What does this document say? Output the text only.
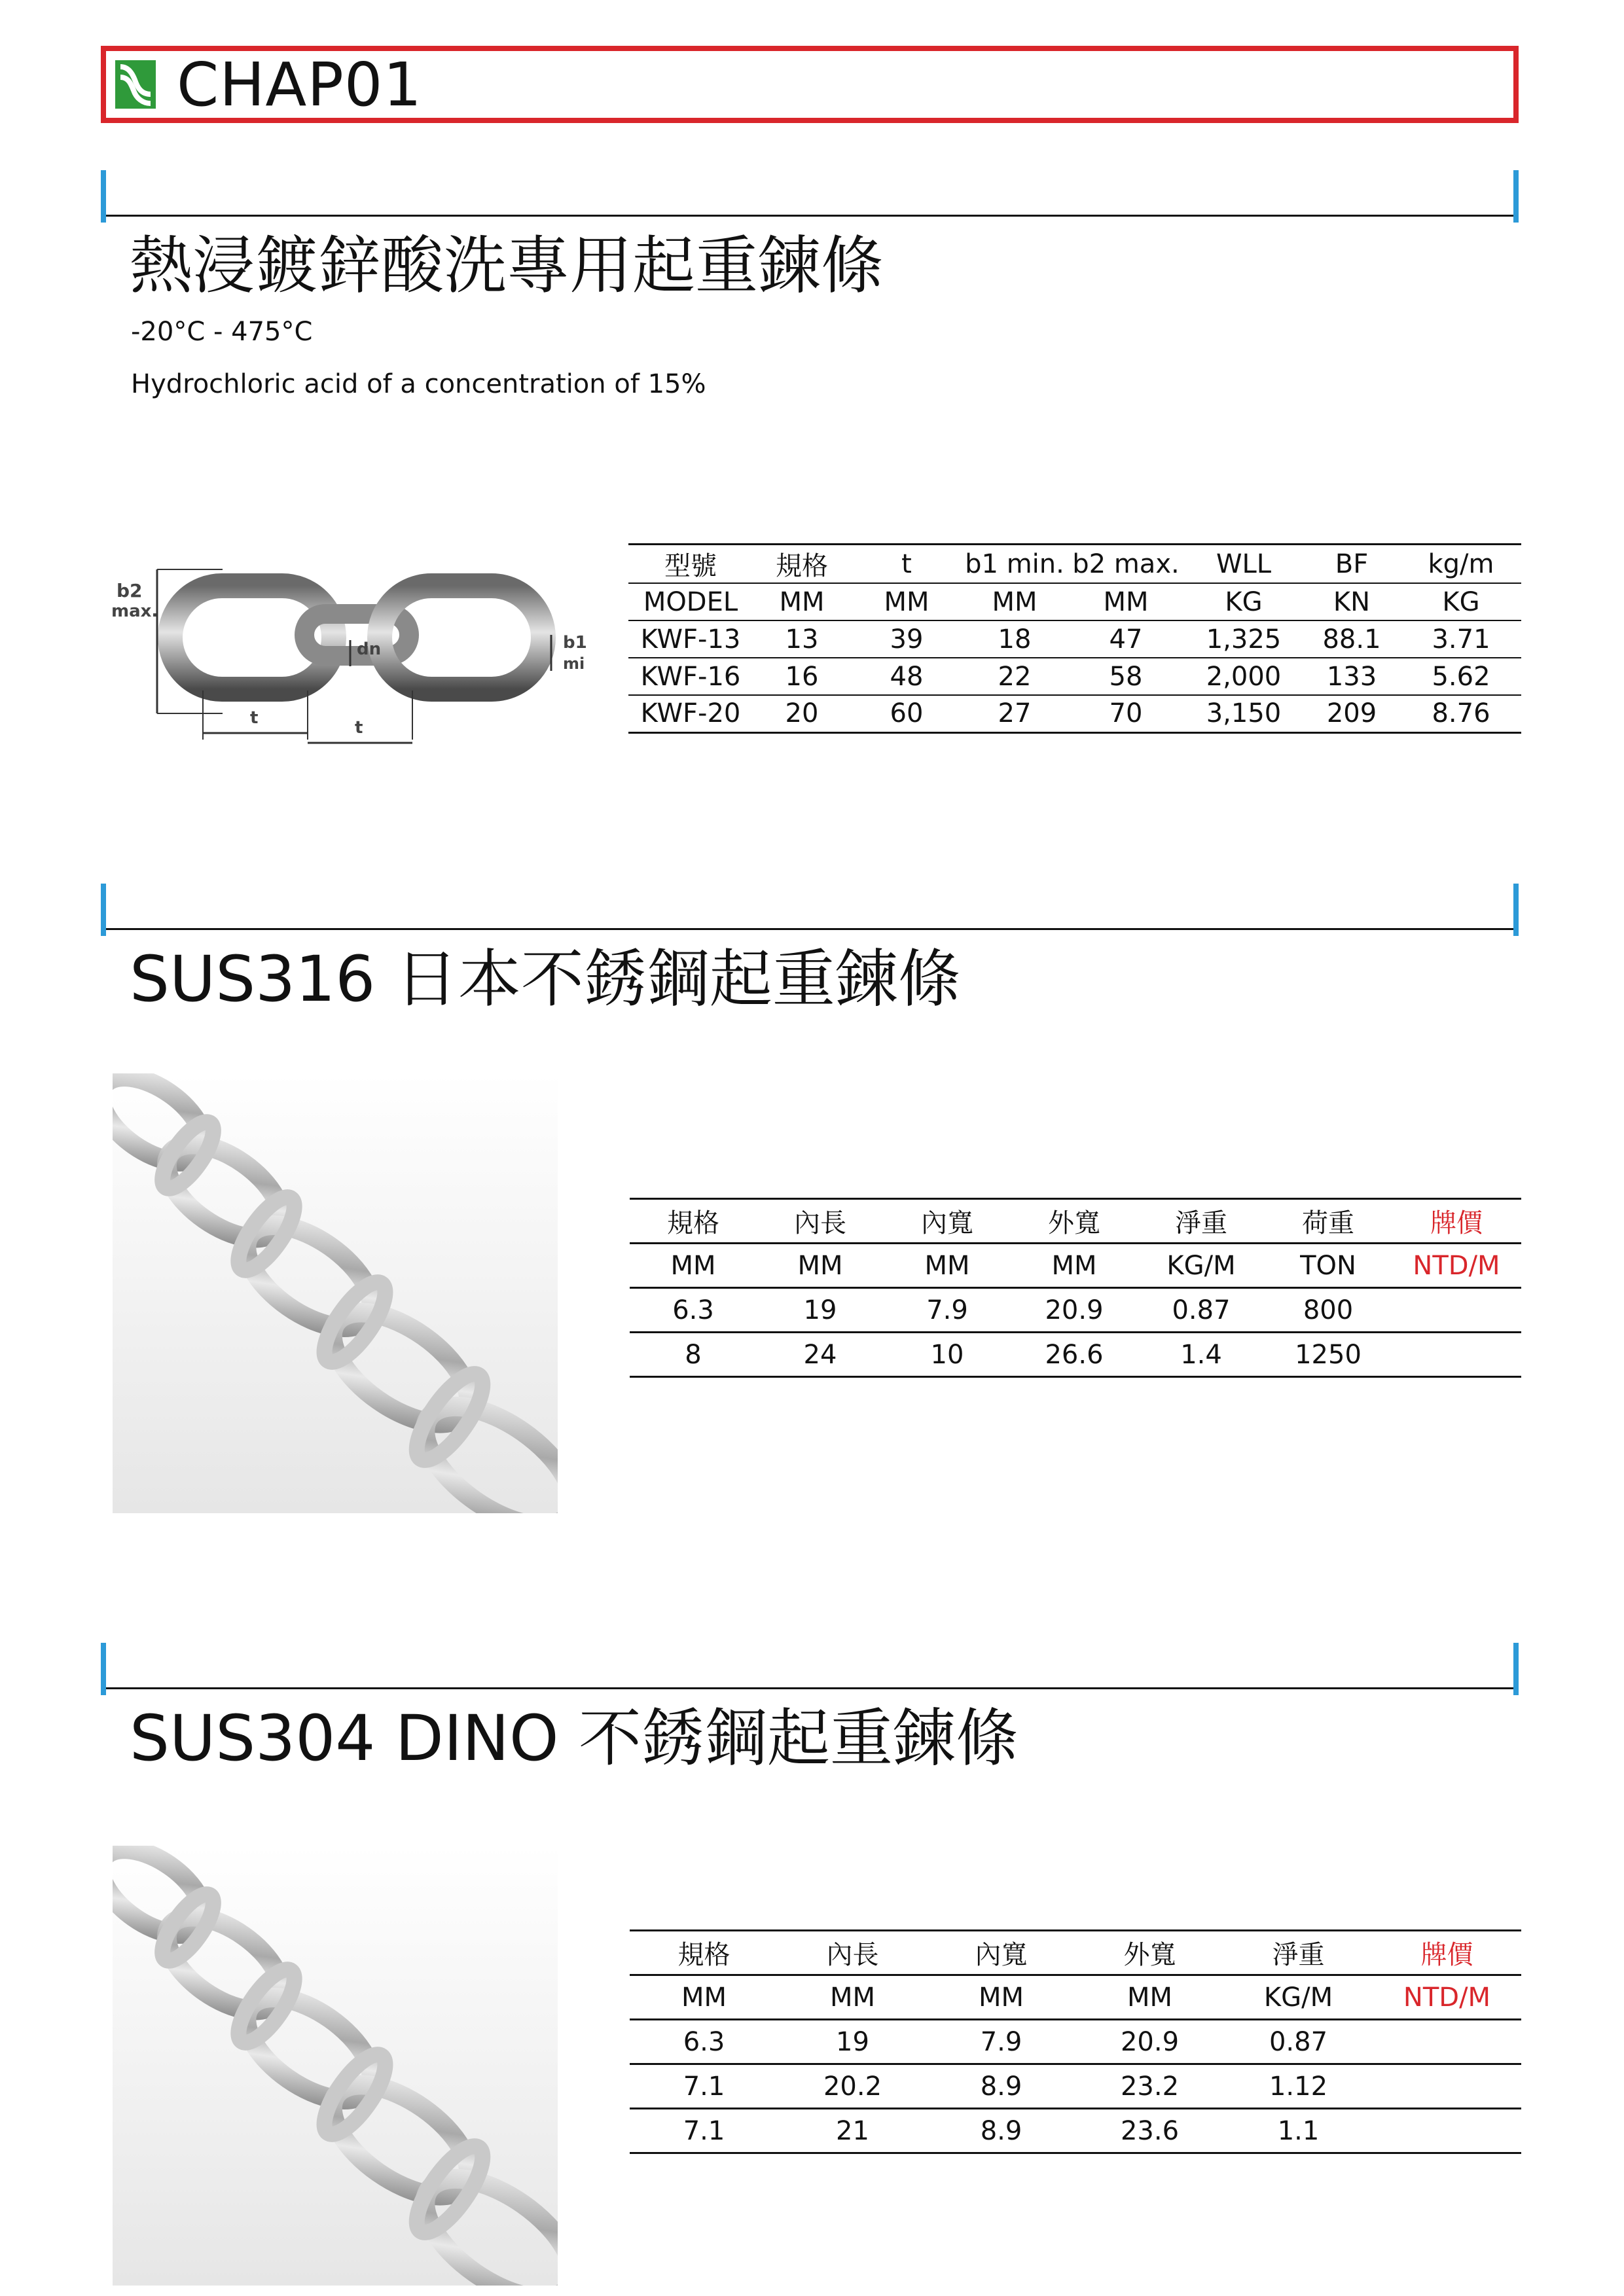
CHAP01
熱浸鍍鋅酸洗專用起重鍊條
-20°C - 475°C
Hydrochloric acid of a concentration of 15%
b2
max.
dn	b1
mi
t	t
型號	規格	t	b1 min.	b2 max.	WLL	BF	kg/m
MODEL	MM	MM	MM	MM	KG	KN	KG
KWF-13	13	39	18	47	1,325	88.1	3.71
KWF-16	16	48	22	58	2,000	133	5.62
KWF-20	20	60	27	70	3,150	209	8.76
SUS316 日本不銹鋼起重鍊條
規格	內長	內寬	外寬	淨重	荷重	牌價
MM	MM	MM	MM	KG/M	TON	NTD/M
6.3	19	7.9	20.9	0.87	800	
8	24	10	26.6	1.4	1250	
SUS304 DINO 不銹鋼起重鍊條
規格	內長	內寬	外寬	淨重	牌價
MM	MM	MM	MM	KG/M	NTD/M
6.3	19	7.9	20.9	0.87	
7.1	20.2	8.9	23.2	1.12	
7.1	21	8.9	23.6	1.1	
